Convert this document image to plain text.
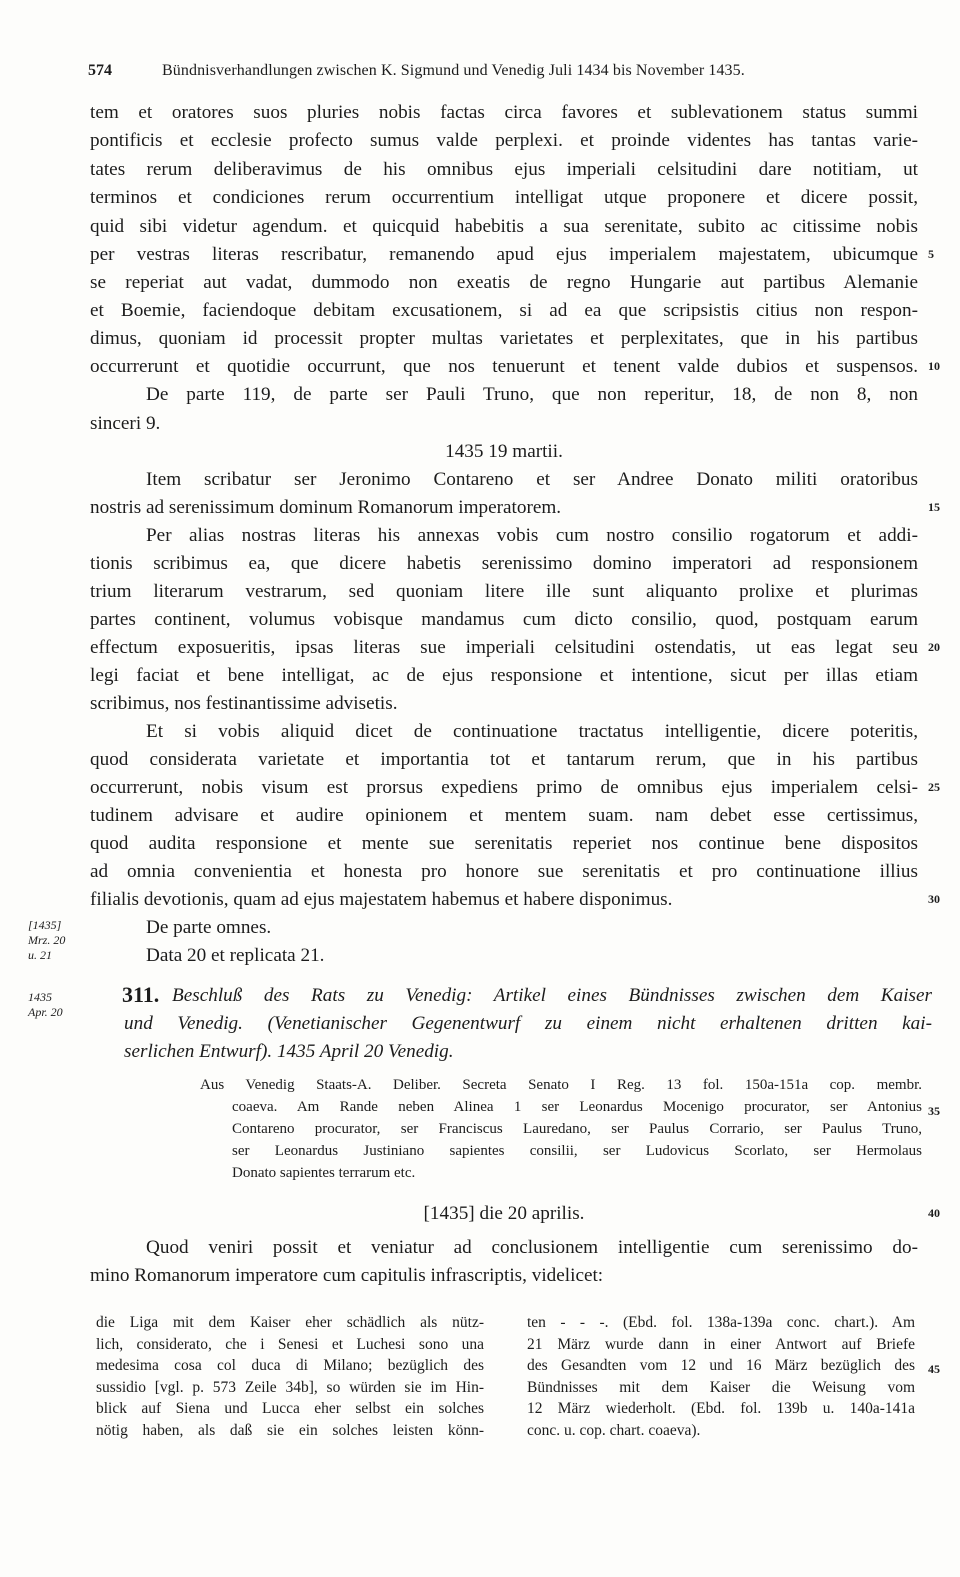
574	Bündnisverhandlungen zwischen K. Sigmund und Venedig Juli 1434 bis November 1435.
tem et oratores suos pluries nobis factas circa favores et sublevationem status summi
pontificis et ecclesie profecto sumus valde perplexi. et proinde videntes has tantas varie-
tates rerum deliberavimus de his omnibus ejus imperiali celsitudini dare notitiam, ut
terminos et condiciones rerum occurrentium intelligat utque proponere et dicere possit,
quid sibi videtur agendum. et quicquid habebitis a sua serenitate, subito ac citissime nobis
per vestras literas rescribatur, remanendo apud ejus imperialem majestatem, ubicumque
se reperiat aut vadat, dummodo non exeatis de regno Hungarie aut partibus Alemanie
et Boemie, faciendoque debitam excusationem, si ad ea que scripsistis citius non respon-
dimus, quoniam id processit propter multas varietates et perplexitates, que in his partibus
occurrerunt et quotidie occurrunt, que nos tenuerunt et tenent valde dubios et suspensos.
De parte 119, de parte ser Pauli Truno, que non reperitur, 18, de non 8, non
sinceri 9.
1435 19 martii.
Item scribatur ser Jeronimo Contareno et ser Andree Donato militi oratoribus
nostris ad serenissimum dominum Romanorum imperatorem.
Per alias nostras literas his annexas vobis cum nostro consilio rogatorum et addi-
tionis scribimus ea, que dicere habetis serenissimo domino imperatori ad responsionem
trium literarum vestrarum, sed quoniam litere ille sunt aliquanto prolixe et plurimas
partes continent, volumus vobisque mandamus cum dicto consilio, quod, postquam earum
effectum exposueritis, ipsas literas sue imperiali celsitudini ostendatis, ut eas legat seu
legi faciat et bene intelligat, ac de ejus responsione et intentione, sicut per illas etiam
scribimus, nos festinantissime advisetis.
Et si vobis aliquid dicet de continuatione tractatus intelligentie, dicere poteritis,
quod considerata varietate et importantia tot et tantarum rerum, que in his partibus
occurrerunt, nobis visum est prorsus expediens primo de omnibus ejus imperialem celsi-
tudinem advisare et audire opinionem et mentem suam. nam debet esse certissimus,
quod audita responsione et mente sue serenitatis reperiet nos continue bene dispositos
ad omnia convenientia et honesta pro honore sue serenitatis et pro continuatione illius
filialis devotionis, quam ad ejus majestatem habemus et habere disponimus.
De parte omnes.
Data 20 et replicata 21.
5
10
15
20
25
30
35
40
45
[1435]
Mrz. 20
u. 21
1435
Apr. 20
311. Beschluß des Rats zu Venedig: Artikel eines Bündnisses zwischen dem Kaiser
und Venedig. (Venetianischer Gegenentwurf zu einem nicht erhaltenen dritten kai-
serlichen Entwurf). 1435 April 20 Venedig.
Aus Venedig Staats-A. Deliber. Secreta Senato I Reg. 13 fol. 150a-151a cop. membr.
coaeva. Am Rande neben Alinea 1 ser Leonardus Mocenigo procurator, ser Antonius
Contareno procurator, ser Franciscus Lauredano, ser Paulus Corrario, ser Paulus Truno,
ser Leonardus Justiniano sapientes consilii, ser Ludovicus Scorlato, ser Hermolaus
Donato sapientes terrarum etc.
[1435] die 20 aprilis.
Quod veniri possit et veniatur ad conclusionem intelligentie cum serenissimo do-
mino Romanorum imperatore cum capitulis infrascriptis, videlicet:
die Liga mit dem Kaiser eher schädlich als nütz-
lich, considerato, che i Senesi et Luchesi sono una
medesima cosa col duca di Milano; bezüglich des
sussidio [vgl. p. 573 Zeile 34b], so würden sie im Hin-
blick auf Siena und Lucca eher selbst ein solches
nötig haben, als daß sie ein solches leisten könn-
ten - - -. (Ebd. fol. 138a-139a conc. chart.). Am
21 März wurde dann in einer Antwort auf Briefe
des Gesandten vom 12 und 16 März bezüglich des
Bündnisses mit dem Kaiser die Weisung vom
12 März wiederholt. (Ebd. fol. 139b u. 140a-141a
conc. u. cop. chart. coaeva).
